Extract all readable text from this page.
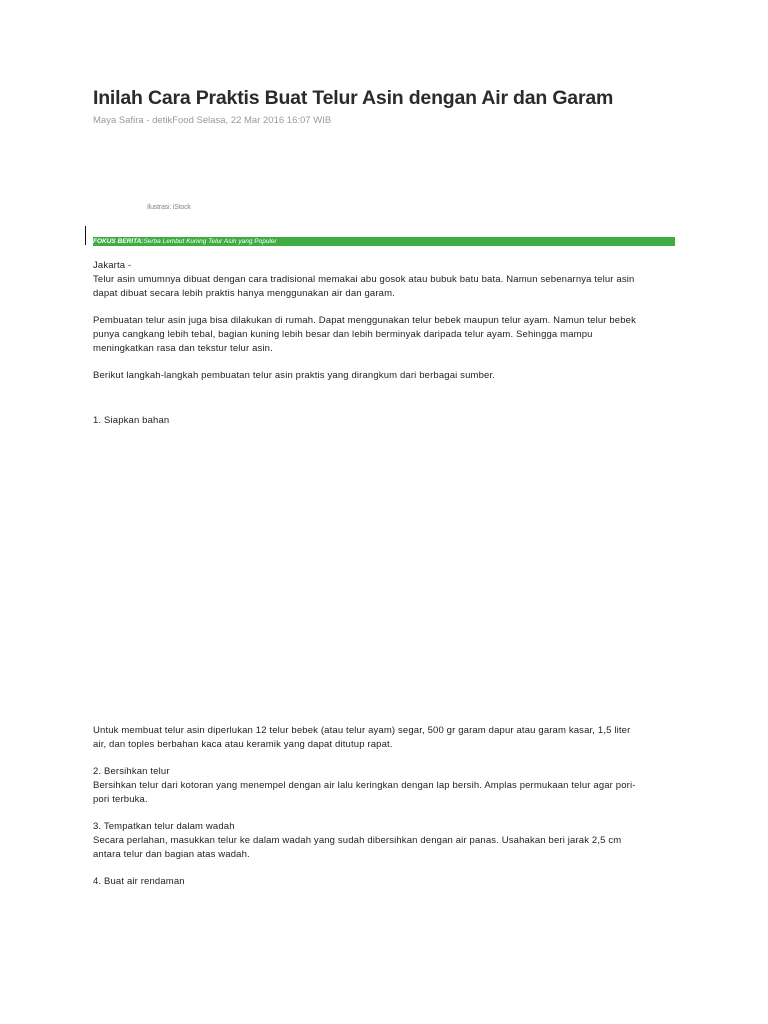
Inilah Cara Praktis Buat Telur Asin dengan Air dan Garam
Maya Safira - detikFood Selasa, 22 Mar 2016 16:07 WIB
Ilustrasi: iStock
FOKUS BERITA:Serba Lembut Kuning Telur Asin yang Populer

Jakarta -

Telur asin umumnya dibuat dengan cara tradisional memakai abu gosok atau bubuk batu bata. Namun sebenarnya telur asin

dapat dibuat secara lebih praktis hanya menggunakan air dan garam.

Pembuatan telur asin juga bisa dilakukan di rumah. Dapat menggunakan telur bebek maupun telur ayam. Namun telur bebek

punya cangkang lebih tebal, bagian kuning lebih besar dan lebih berminyak daripada telur ayam. Sehingga mampu

meningkatkan rasa dan tekstur telur asin.

Berikut langkah-langkah pembuatan telur asin praktis yang dirangkum dari berbagai sumber.

1. Siapkan bahan

Untuk membuat telur asin diperlukan 12 telur bebek (atau telur ayam) segar, 500 gr garam dapur atau garam kasar, 1,5 liter

air, dan toples berbahan kaca atau keramik yang dapat ditutup rapat.

2. Bersihkan telur

Bersihkan telur dari kotoran yang menempel dengan air lalu keringkan dengan lap bersih. Amplas permukaan telur agar pori-

pori terbuka.

3. Tempatkan telur dalam wadah

Secara perlahan, masukkan telur ke dalam wadah yang sudah dibersihkan dengan air panas. Usahakan beri jarak 2,5 cm

antara telur dan bagian atas wadah.

4. Buat air rendaman
